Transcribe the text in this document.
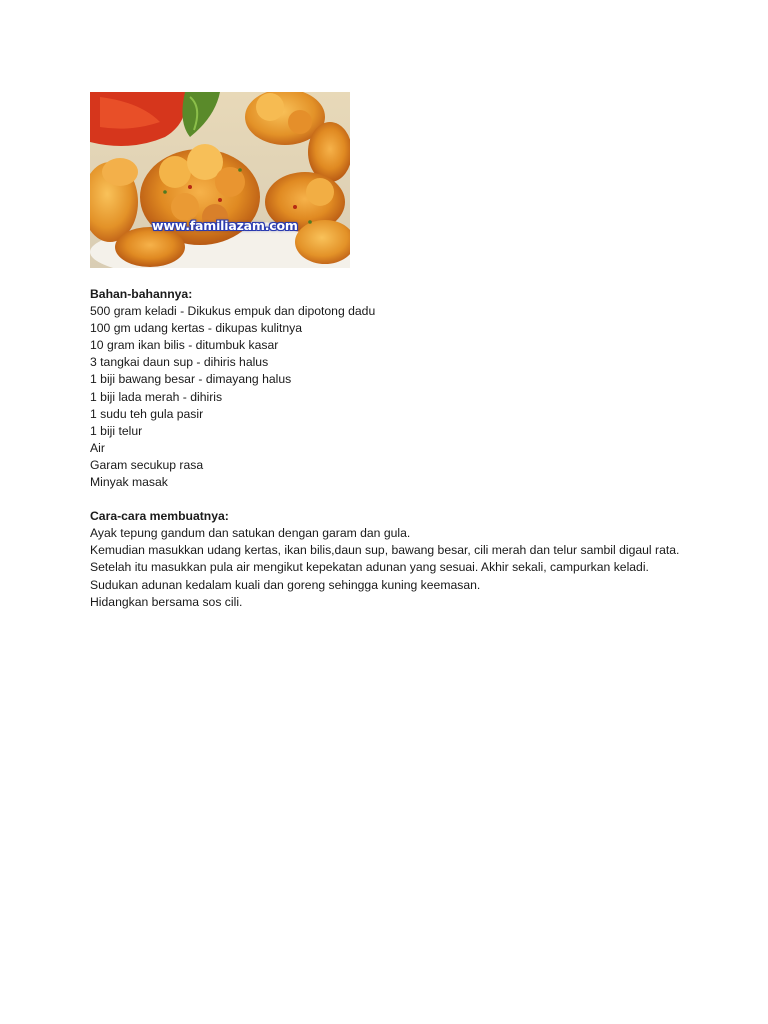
www.familiazam.com

Bahan-bahannya:

500 gram keladi - Dikukus empuk dan dipotong dadu

100 gm udang kertas - dikupas kulitnya

10 gram ikan bilis - ditumbuk kasar

3 tangkai daun sup - dihiris halus

1 biji bawang besar - dimayang halus

1 biji lada merah - dihiris

1 sudu teh gula pasir

1 biji telur

Air

Garam secukup rasa

Minyak masak

Cara-cara membuatnya:

Ayak tepung gandum dan satukan dengan garam dan gula.

Kemudian masukkan udang kertas, ikan bilis,daun sup, bawang besar, cili merah dan telur sambil digaul rata.

Setelah itu masukkan pula air mengikut kepekatan adunan yang sesuai. Akhir sekali, campurkan keladi.

Sudukan adunan kedalam kuali dan goreng sehingga kuning keemasan.

Hidangkan bersama sos cili.
